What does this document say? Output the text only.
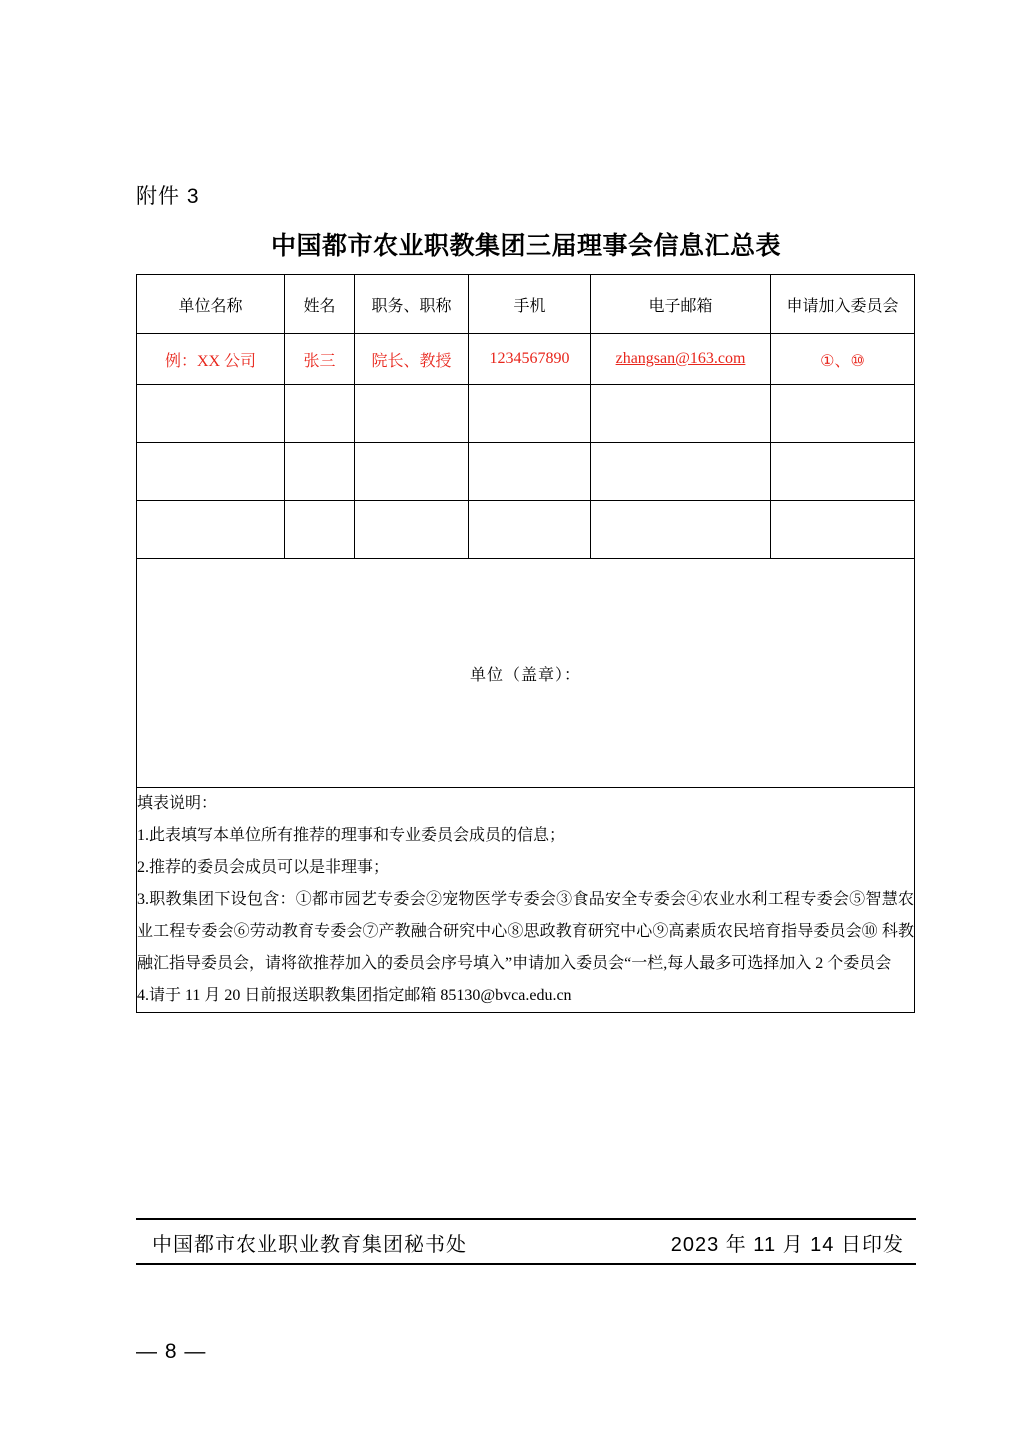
附件 3
中国都市农业职教集团三届理事会信息汇总表
单位名称	姓名	职务、职称	手机	电子邮箱	申请加入委员会
例：XX 公司	张三	院长、教授	1234567890	zhangsan@163.com	①、⑩

单位（盖章）：					

填表说明：

1.此表填写本单位所有推荐的理事和专业委员会成员的信息；

2.推荐的委员会成员可以是非理事；

3.职教集团下设包含：①都市园艺专委会②宠物医学专委会③食品安全专委会④农业水利工程专委会⑤智慧农业工程专委会⑥劳动教育专委会⑦产教融合研究中心⑧思政教育研究中心⑨高素质农民培育指导委员会⑩ 科教融汇指导委员会，请将欲推荐加入的委员会序号填入”申请加入委员会“一栏,每人最多可选择加入 2 个委员会

4.请于 11 月 20 日前报送职教集团指定邮箱 85130@bvca.edu.cn					

中国都市农业职业教育集团秘书处	2023 年 11 月 14 日印发
— 8 —
